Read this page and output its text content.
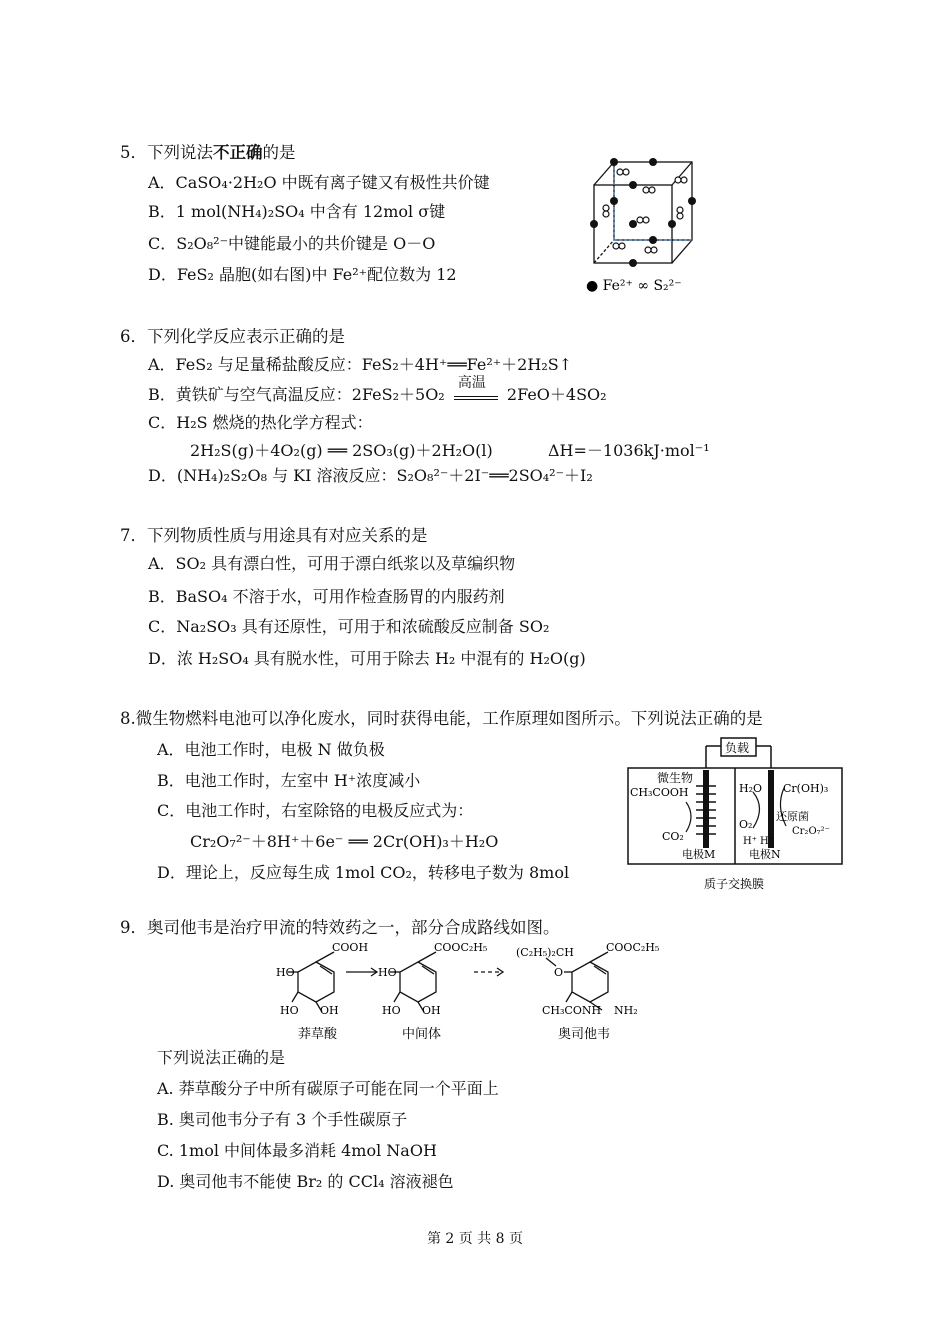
5．下列说法不正确的是
A．CaSO₄·2H₂O 中既有离子键又有极性共价键
B．1 mol(NH₄)₂SO₄ 中含有 12mol σ键
C．S₂O₈²⁻中键能最小的共价键是 O－O
D．FeS₂ 晶胞(如右图)中 Fe²⁺配位数为 12
● Fe²⁺ ∞ S₂²⁻
6．下列化学反应表示正确的是
A．FeS₂ 与足量稀盐酸反应：FeS₂＋4H⁺══Fe²⁺＋2H₂S↑
B．黄铁矿与空气高温反应：2FeS₂＋5O₂
高温
2FeO＋4SO₂
C．H₂S 燃烧的热化学方程式：
2H₂S(g)＋4O₂(g) ══ 2SO₃(g)＋2H₂O(l)	ΔH=－1036kJ·mol⁻¹
D．(NH₄)₂S₂O₈ 与 KI 溶液反应：S₂O₈²⁻＋2I⁻══2SO₄²⁻＋I₂
7．下列物质性质与用途具有对应关系的是
A．SO₂ 具有漂白性，可用于漂白纸浆以及草编织物
B．BaSO₄ 不溶于水，可用作检查肠胃的内服药剂
C．Na₂SO₃ 具有还原性，可用于和浓硫酸反应制备 SO₂
D．浓 H₂SO₄ 具有脱水性，可用于除去 H₂ 中混有的 H₂O(g)
8.微生物燃料电池可以净化废水，同时获得电能，工作原理如图所示。下列说法正确的是
A．电池工作时，电极 N 做负极
B．电池工作时，左室中 H⁺浓度减小
C．电池工作时，右室除铬的电极反应式为：
Cr₂O₇²⁻＋8H⁺＋6e⁻ ══ 2Cr(OH)₃＋H₂O
D．理论上，反应每生成 1mol CO₂，转移电子数为 8mol
负载
微生物
CH₃COOH
CO₂
电极M
H₂O Cr(OH)₃
还原菌
O₂
Cr₂O₇²⁻
H⁺ H⁺
电极N
质子交换膜
9．奥司他韦是治疗甲流的特效药之一，部分合成路线如图。
COOH
HO
HO OH
COOC₂H₅
HO
HO OH
(C₂H₅)₂CH
O
COOC₂H₅
CH₃CONH NH₂
莽草酸	中间体	奥司他韦
下列说法正确的是
A. 莽草酸分子中所有碳原子可能在同一个平面上
B. 奥司他韦分子有 3 个手性碳原子
C. 1mol 中间体最多消耗 4mol NaOH
D. 奥司他韦不能使 Br₂ 的 CCl₄ 溶液褪色
第 2 页 共 8 页
